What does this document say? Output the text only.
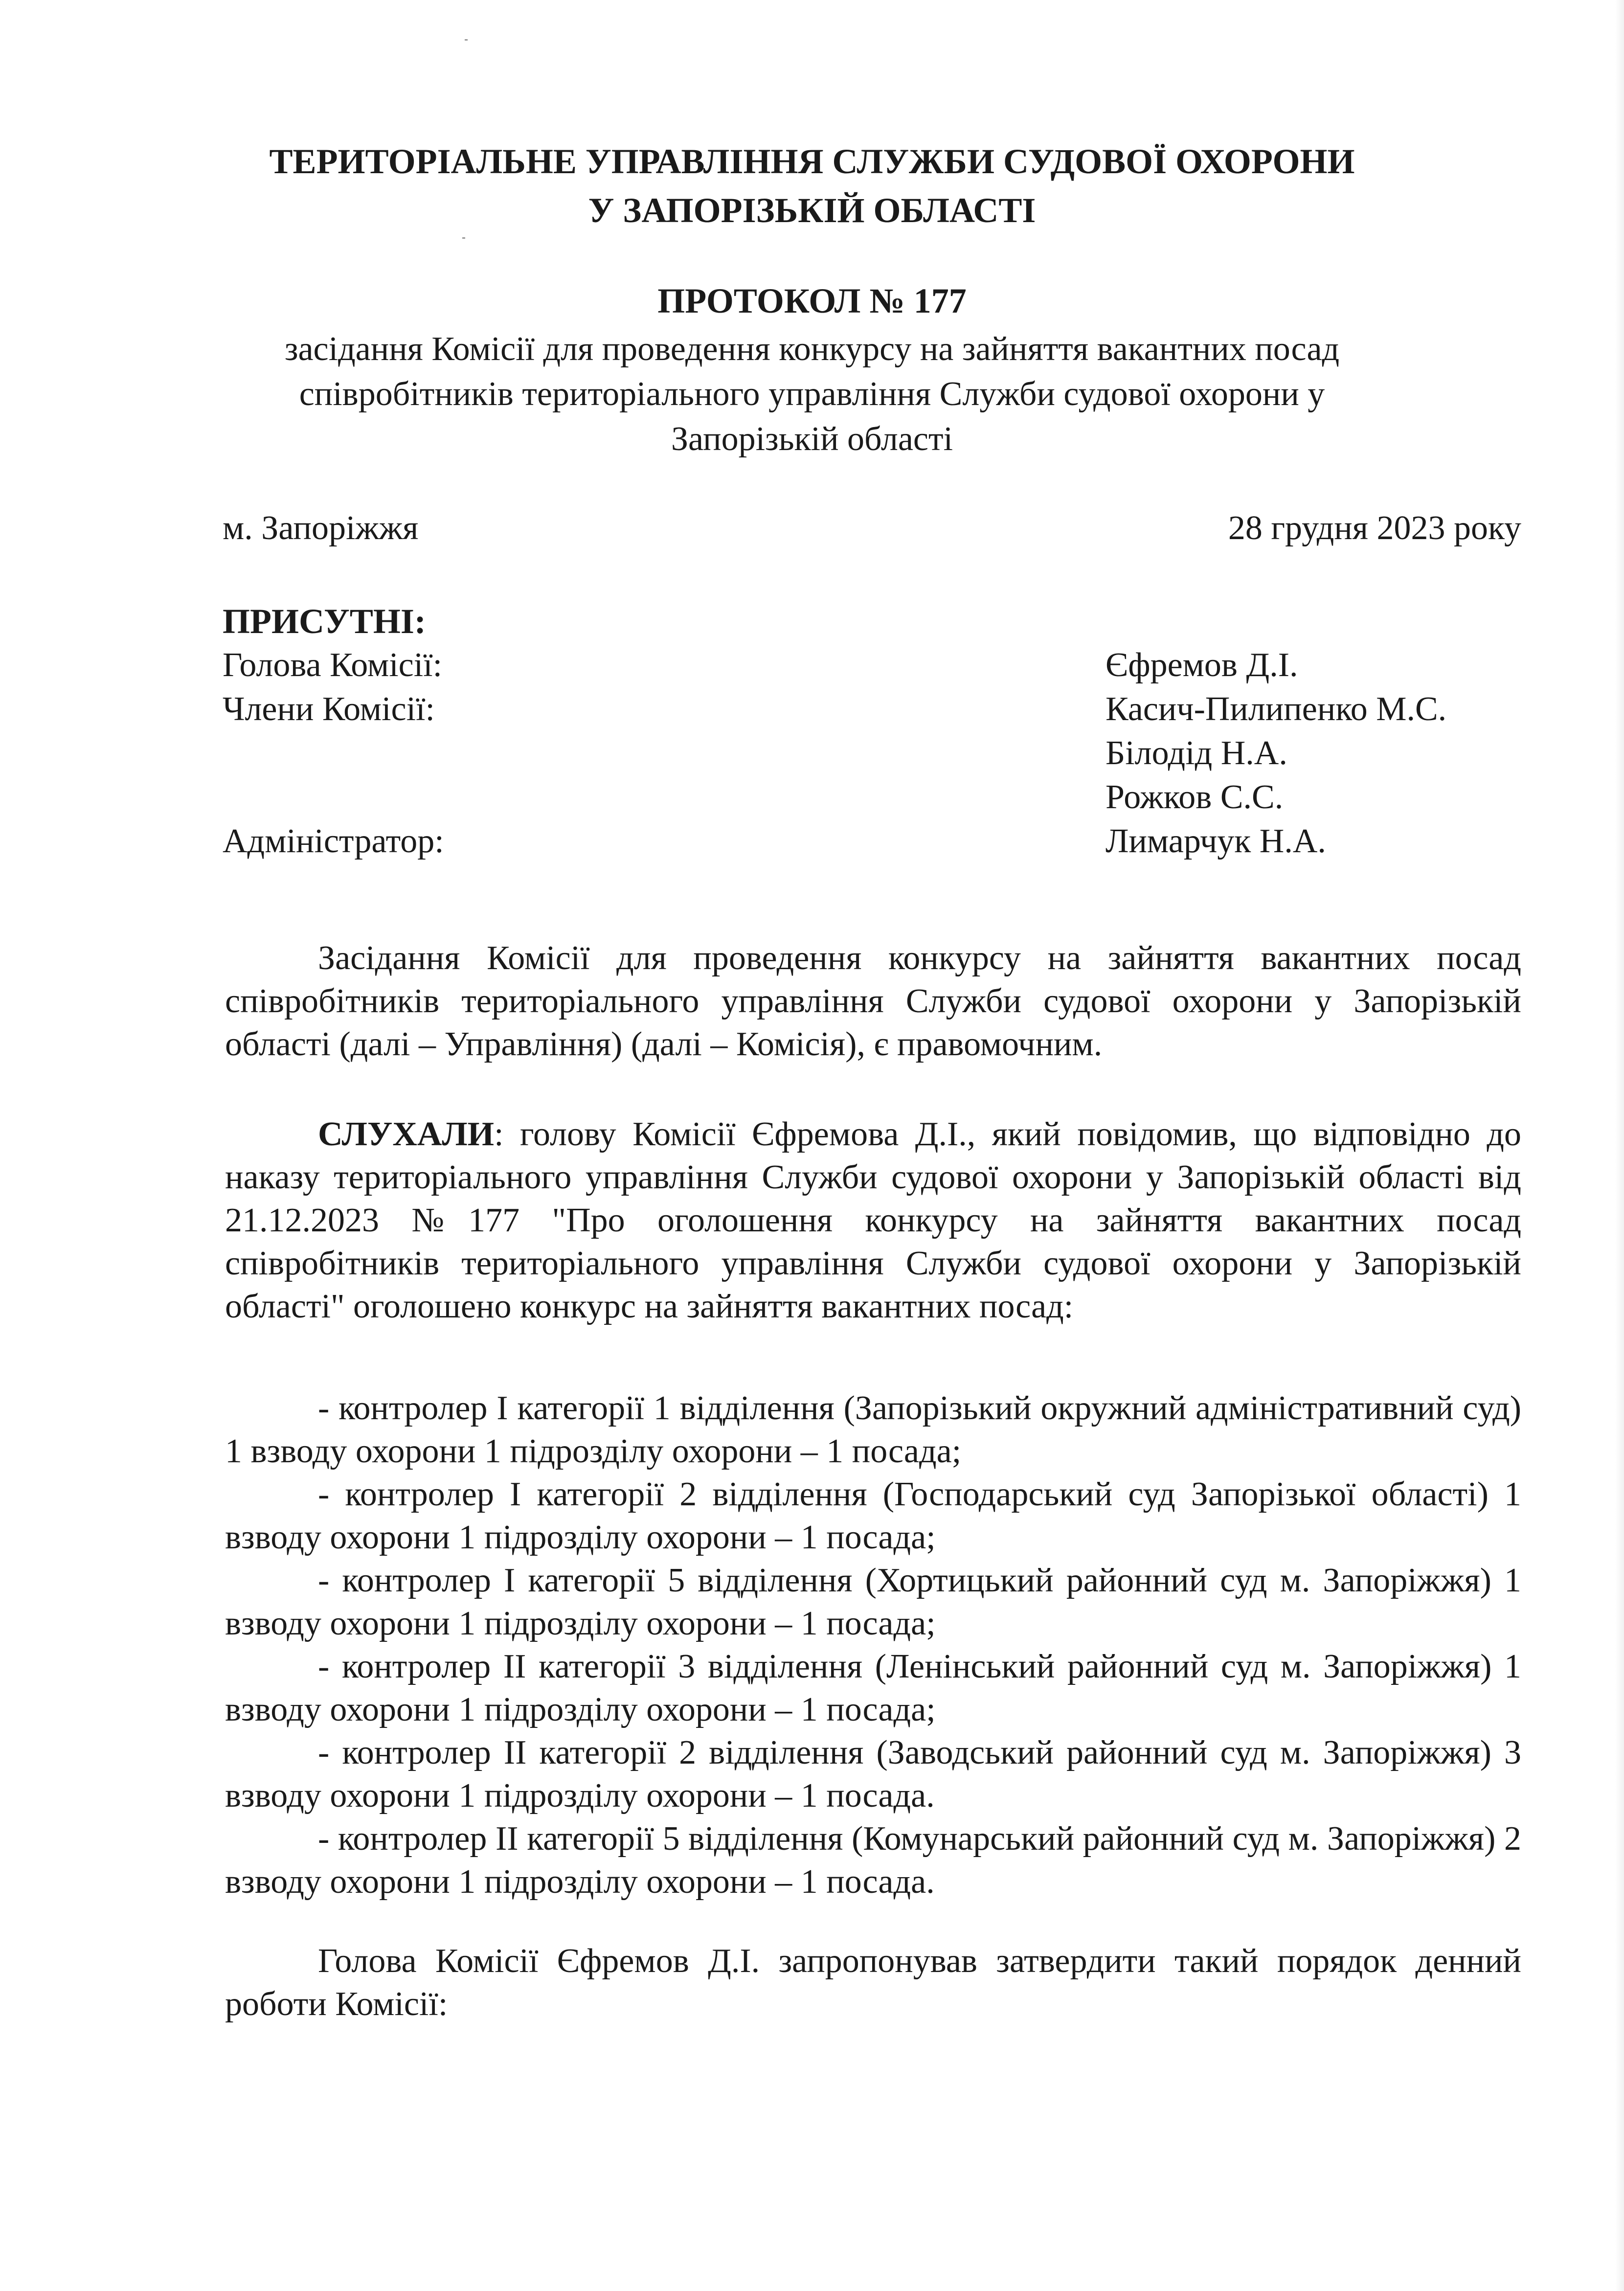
ТЕРИТОРІАЛЬНЕ УПРАВЛІННЯ СЛУЖБИ СУДОВОЇ ОХОРОНИ
У ЗАПОРІЗЬКІЙ ОБЛАСТІ
ПРОТОКОЛ № 177
засідання Комісії для проведення конкурсу на зайняття вакантних посад
співробітників територіального управління Служби судової охорони у
Запорізькій області
м. Запоріжжя	28 грудня 2023 року
ПРИСУТНІ:
Голова Комісії:	Єфремов Д.І.
Члени Комісії:	Касич-Пилипенко М.С.
Білодід Н.А.
Рожков С.С.
Адміністратор:	Лимарчук Н.А.

Засідання Комісії для проведення конкурсу на зайняття вакантних посад співробітників територіального управління Служби судової охорони у Запорізькій області (далі – Управління) (далі – Комісія), є правомочним.

СЛУХАЛИ: голову Комісії Єфремова Д.І., який повідомив, що відповідно до наказу територіального управління Служби судової охорони у Запорізькій області від 21.12.2023 №177 "Про оголошення конкурсу на зайняття вакантних посад співробітників територіального управління Служби судової охорони у Запорізькій області" оголошено конкурс на зайняття вакантних посад:

- контролер І категорії 1 відділення (Запорізький окружний адміністративний суд) 1 взводу охорони 1 підрозділу охорони – 1 посада;

- контролер І категорії 2 відділення (Господарський суд Запорізької області) 1 взводу охорони 1 підрозділу охорони – 1 посада;

- контролер І категорії 5 відділення (Хортицький районний суд м. Запоріжжя) 1 взводу охорони 1 підрозділу охорони – 1 посада;

- контролер ІІ категорії 3 відділення (Ленінський районний суд м. Запоріжжя) 1 взводу охорони 1 підрозділу охорони – 1 посада;

- контролер ІІ категорії 2 відділення (Заводський районний суд м. Запоріжжя) 3 взводу охорони 1 підрозділу охорони – 1 посада.

- контролер ІІ категорії 5 відділення (Комунарський районний суд м. Запоріжжя) 2 взводу охорони 1 підрозділу охорони – 1 посада.

Голова Комісії Єфремов Д.І. запропонував затвердити такий порядок денний роботи Комісії:
